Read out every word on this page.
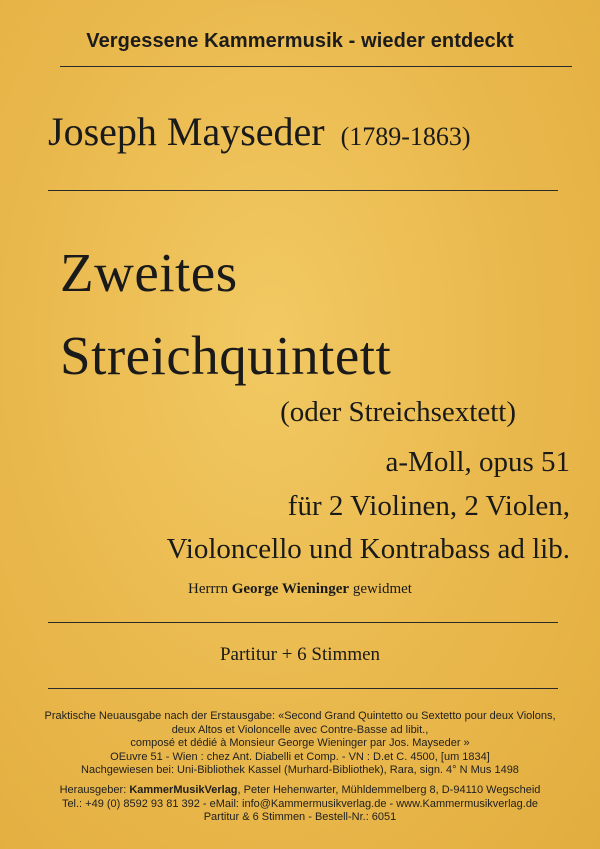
Vergessene Kammermusik - wieder entdeckt
Joseph Mayseder (1789-1863)
Zweites
Streichquintett
(oder Streichsextett)
a-Moll, opus 51
für 2 Violinen, 2 Violen,
Violoncello und Kontrabass ad lib.
Herrrn George Wieninger gewidmet
Partitur + 6 Stimmen
Praktische Neuausgabe nach der Erstausgabe: «Second Grand Quintetto ou Sextetto pour deux Violons,
deux Altos et Violoncelle avec Contre-Basse ad libit.,
composé et dédié à Monsieur George Wieninger par Jos. Mayseder »
OEuvre 51 - Wien : chez Ant. Diabelli et Comp. - VN : D.et C. 4500, [um 1834]
Nachgewiesen bei: Uni-Bibliothek Kassel (Murhard-Bibliothek), Rara, sign. 4° N Mus 1498
Herausgeber: KammerMusikVerlag, Peter Hehenwarter, Mühldemmelberg 8, D-94110 Wegscheid
Tel.: +49 (0) 8592 93 81 392 - eMail: info@Kammermusikverlag.de - www.Kammermusikverlag.de
Partitur & 6 Stimmen - Bestell-Nr.: 6051
